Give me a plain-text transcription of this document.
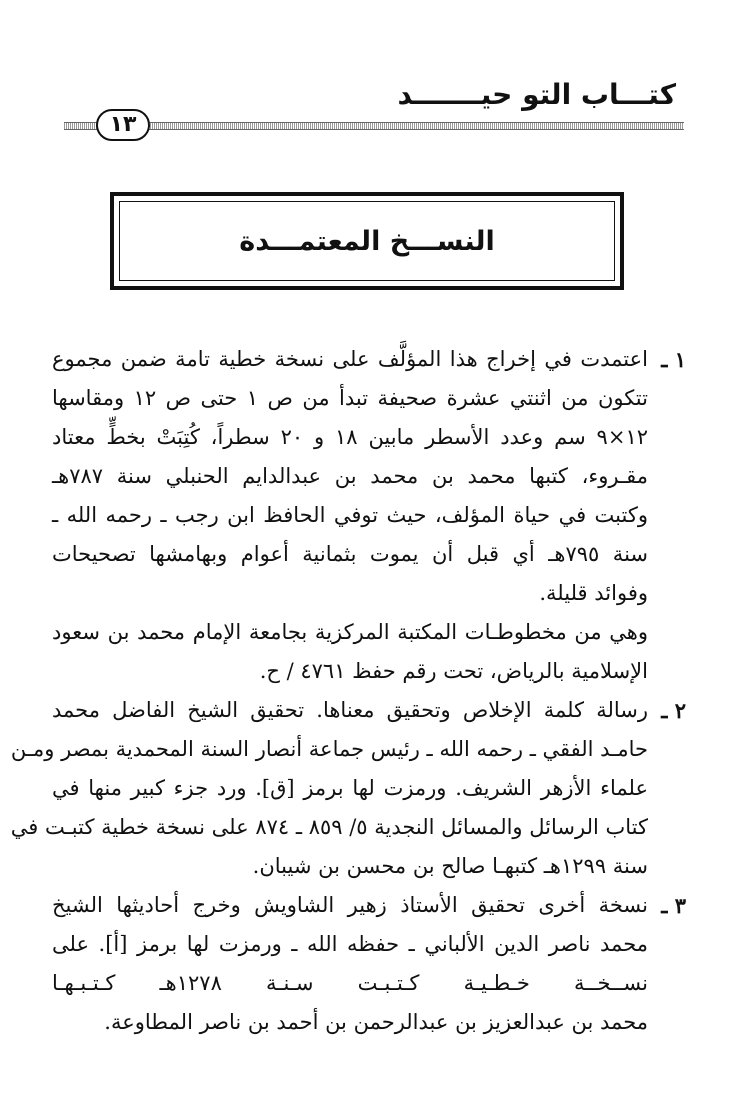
كتـــاب التو حيـــــــد
١٣
النســـخ المعتمـــدة
١ ـ
اعتمدت في إخراج هذا المؤلَّف على نسخة خطية تامة ضمن مجموع
تتكون من اثنتي عشرة صحيفة تبدأ من ص ١ حتى ص ١٢ ومقاسها
١٢×٩ سم وعدد الأسطر مابين ١٨ و ٢٠ سطراً، كُتِبَتْ بخطٍّ معتاد
مقـروء، كتبها محمد بن محمد بن عبدالدايم الحنبلي سنة ٧٨٧هـ
وكتبت في حياة المؤلف، حيث توفي الحافظ ابن رجب ـ رحمه الله ـ
سنة ٧٩٥هـ أي قبل أن يموت بثمانية أعوام وبهامشها تصحيحات
وفوائد قليلة.
وهي من مخطوطـات المكتبة المركزية بجامعة الإمام محمد بن سعود
الإسلامية بالرياض، تحت رقم حفظ ٤٧٦١ / ح.
٢ ـ
رسالة كلمة الإخلاص وتحقيق معناها. تحقيق الشيخ الفاضل محمد
حامـد الفقي ـ رحمه الله ـ رئيس جماعة أنصار السنة المحمدية بمصر ومـن
علماء الأزهر الشريف. ورمزت لها برمز [ق]. ورد جزء كبير منها في
كتاب الرسائل والمسائل النجدية ٥/ ٨٥٩ ـ ٨٧٤ على نسخة خطية كتبـت في
سنة ١٢٩٩هـ كتبهـا صالح بن محسن بن شيبان.
٣ ـ
نسخة أخرى تحقيق الأستاذ زهير الشاويش وخرج أحاديثها الشيخ
محمد ناصر الدين الألباني ـ حفظه الله ـ ورمزت لها برمز [أ]. على
نســخــة خـطـيـة كـتـبـت سـنـة ١٢٧٨هـ كـتـبـهـا
محمد بن عبدالعزيز بن عبدالرحمن بن أحمد بن ناصر المطاوعة.
